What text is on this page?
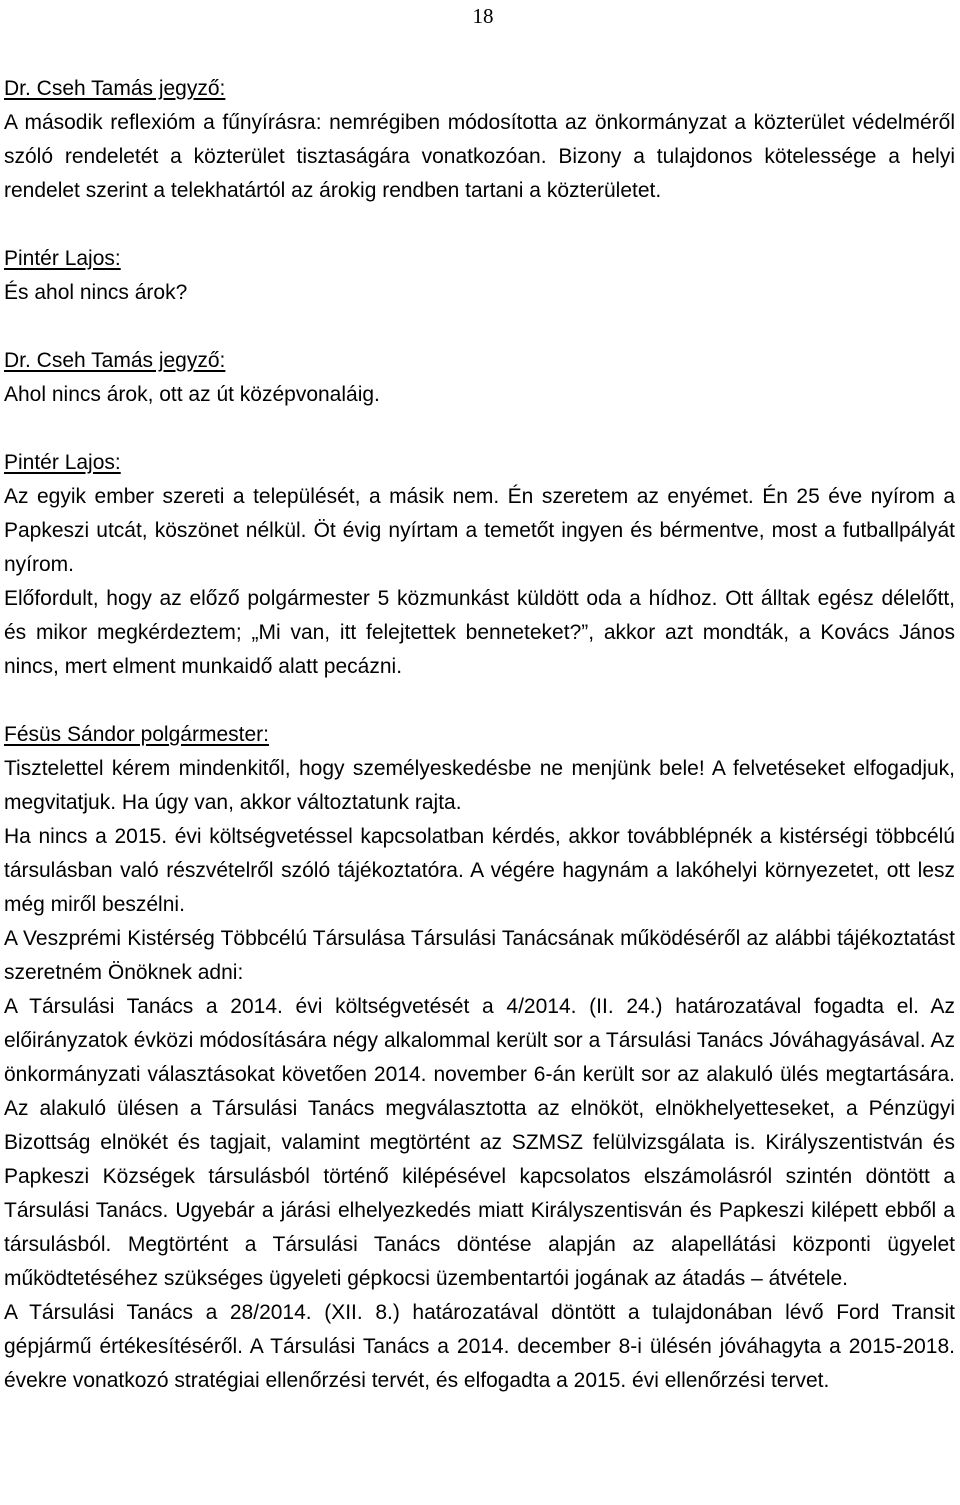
18

Dr. Cseh Tamás jegyző:

A második reflexióm a fűnyírásra: nemrégiben módosította az önkormányzat a közterület védelméről szóló rendeletét a közterület tisztaságára vonatkozóan. Bizony a tulajdonos kötelessége a helyi rendelet szerint a telekhatártól az árokig rendben tartani a közterületet.

Pintér Lajos:

És ahol nincs árok?

Dr. Cseh Tamás jegyző:

Ahol nincs árok, ott az út középvonaláig.

Pintér Lajos:

Az egyik ember szereti a települését, a másik nem. Én szeretem az enyémet. Én 25 éve nyírom a Papkeszi utcát, köszönet nélkül. Öt évig nyírtam a temetőt ingyen és bérmentve, most a futballpályát nyírom.

Előfordult, hogy az előző polgármester 5 közmunkást küldött oda a hídhoz. Ott álltak egész délelőtt, és mikor megkérdeztem; „Mi van, itt felejtettek benneteket?”, akkor azt mondták, a Kovács János nincs, mert elment munkaidő alatt pecázni.

Fésüs Sándor polgármester:

Tisztelettel kérem mindenkitől, hogy személyeskedésbe ne menjünk bele! A felvetéseket elfogadjuk, megvitatjuk. Ha úgy van, akkor változtatunk rajta.

Ha nincs a 2015. évi költségvetéssel kapcsolatban kérdés, akkor továbblépnék a kistérségi többcélú társulásban való részvételről szóló tájékoztatóra. A végére hagynám a lakóhelyi környezetet, ott lesz még miről beszélni.

A Veszprémi Kistérség Többcélú Társulása Társulási Tanácsának működéséről az alábbi tájékoztatást szeretném Önöknek adni:

A Társulási Tanács a 2014. évi költségvetését a 4/2014. (II. 24.) határozatával fogadta el. Az előirányzatok évközi módosítására négy alkalommal került sor a Társulási Tanács Jóváhagyásával. Az önkormányzati választásokat követően 2014. november 6-án került sor az alakuló ülés megtartására. Az alakuló ülésen a Társulási Tanács megválasztotta az elnököt, elnökhelyetteseket, a Pénzügyi Bizottság elnökét és tagjait, valamint megtörtént az SZMSZ felülvizsgálata is. Királyszentistván és Papkeszi Községek társulásból történő kilépésével kapcsolatos elszámolásról szintén döntött a Társulási Tanács. Ugyebár a járási elhelyezkedés miatt Királyszentisván és Papkeszi kilépett ebből a társulásból. Megtörtént a Társulási Tanács döntése alapján az alapellátási központi ügyelet működtetéséhez szükséges ügyeleti gépkocsi üzembentartói jogának az átadás – átvétele.

A Társulási Tanács a 28/2014. (XII. 8.) határozatával döntött a tulajdonában lévő Ford Transit gépjármű értékesítéséről. A Társulási Tanács a 2014. december 8-i ülésén jóváhagyta a 2015-2018. évekre vonatkozó stratégiai ellenőrzési tervét, és elfogadta a 2015. évi ellenőrzési tervet.
